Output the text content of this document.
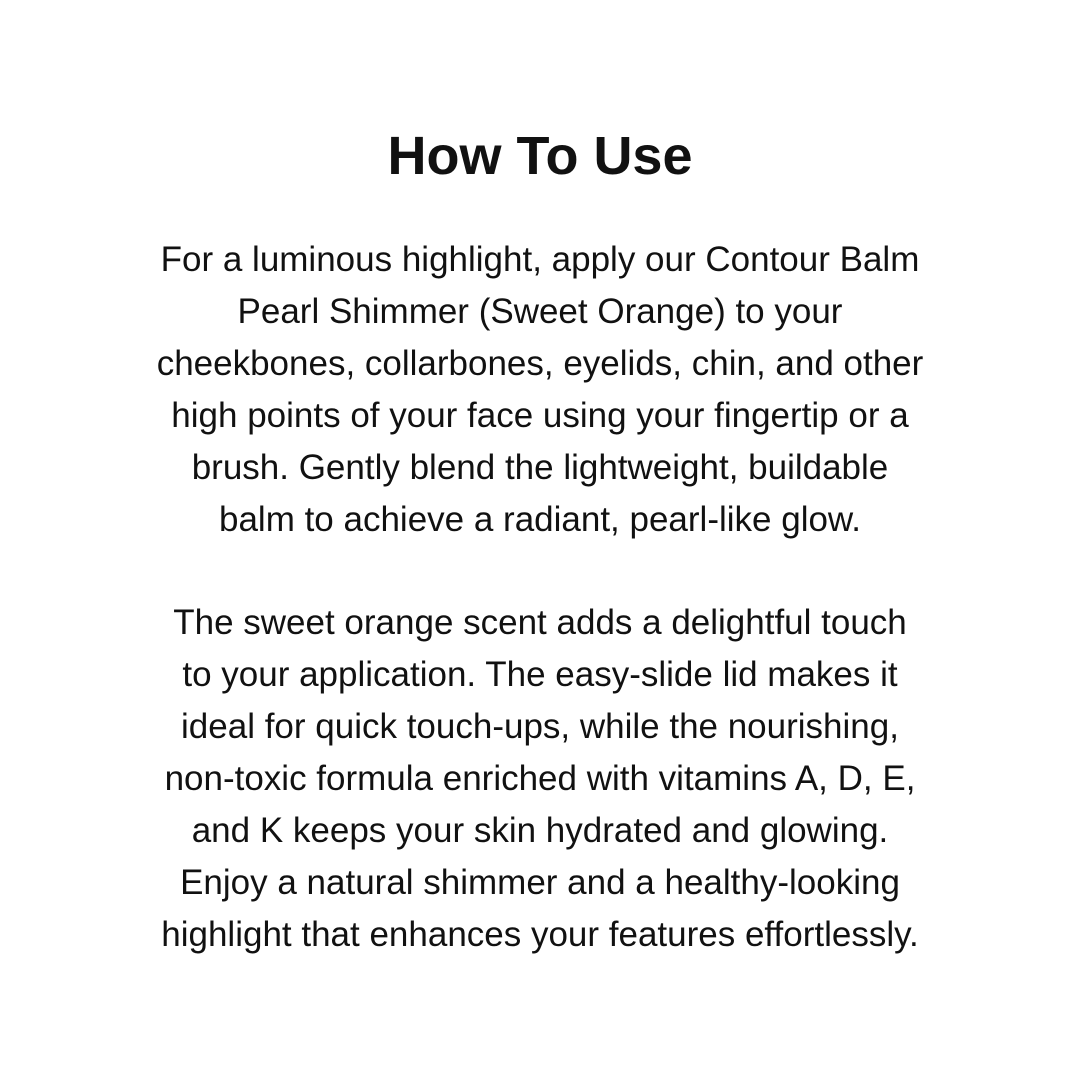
How To Use

For a luminous highlight, apply our Contour Balm
Pearl Shimmer (Sweet Orange) to your
cheekbones, collarbones, eyelids, chin, and other
high points of your face using your fingertip or a
brush. Gently blend the lightweight, buildable
balm to achieve a radiant, pearl-like glow.

The sweet orange scent adds a delightful touch
to your application. The easy-slide lid makes it
ideal for quick touch-ups, while the nourishing,
non-toxic formula enriched with vitamins A, D, E,
and K keeps your skin hydrated and glowing.
Enjoy a natural shimmer and a healthy-looking
highlight that enhances your features effortlessly.
